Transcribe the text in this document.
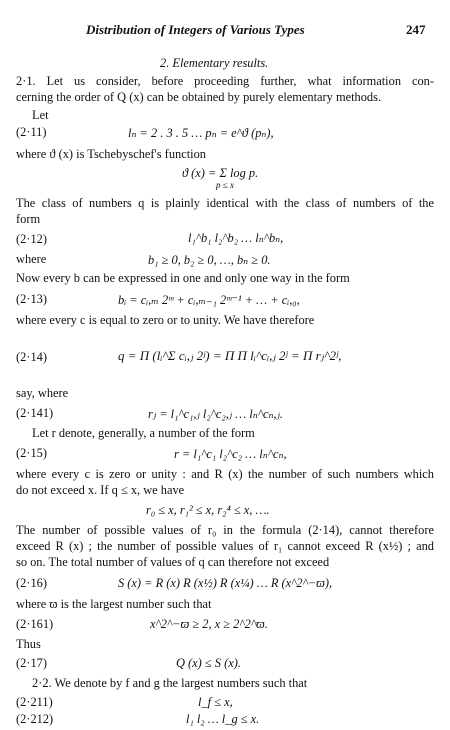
Distribution of Integers of Various Types	247
2. Elementary results.
2·1. Let us consider, before proceeding further, what information con-
cerning the order of Q (x) can be obtained by purely elementary methods.
Let
(2·11)	lₙ = 2 . 3 . 5 … pₙ = e^ϑ (pₙ),
where ϑ (x) is Tschebyschef's function
ϑ (x) = Σ log p.
p ≤ x
The class of numbers q is plainly identical with the class of numbers of the
form
(2·12)	l₁^b₁ l₂^b₂ … lₙ^bₙ,
where	b₁ ≥ 0, b₂ ≥ 0, …, bₙ ≥ 0.
Now every b can be expressed in one and only one way in the form
(2·13)	bᵢ = cᵢ,ₘ 2ᵐ + cᵢ,ₘ₋₁ 2ᵐ⁻¹ + … + cᵢ,₀,
where every c is equal to zero or to unity. We have therefore
(2·14)	q = Π (lᵢ^Σ cᵢ,ⱼ 2ʲ) = Π Π lᵢ^cᵢ,ⱼ 2ʲ = Π rⱼ^2ʲ,
say, where
(2·141)	rⱼ = l₁^c₁,ⱼ l₂^c₂,ⱼ … lₙ^cₙ,ⱼ.
Let r denote, generally, a number of the form
(2·15)	r = l₁^c₁ l₂^c₂ … lₙ^cₙ,
where every c is zero or unity : and R (x) the number of such numbers which
do not exceed x. If q ≤ x, we have
r₀ ≤ x, r₁² ≤ x, r₂⁴ ≤ x, ….
The number of possible values of r₀ in the formula (2·14), cannot therefore
exceed R (x) ; the number of possible values of r₁ cannot exceed R (x½) ; and
so on. The total number of values of q can therefore not exceed
(2·16)	S (x) = R (x) R (x½) R (x¼) … R (x^2^−ϖ),
where ϖ is the largest number such that
(2·161)	x^2^−ϖ ≥ 2, x ≥ 2^2^ϖ.
Thus
(2·17)	Q (x) ≤ S (x).
2·2. We denote by f and g the largest numbers such that
(2·211)	l_f ≤ x,
(2·212)	l₁ l₂ … l_g ≤ x.
